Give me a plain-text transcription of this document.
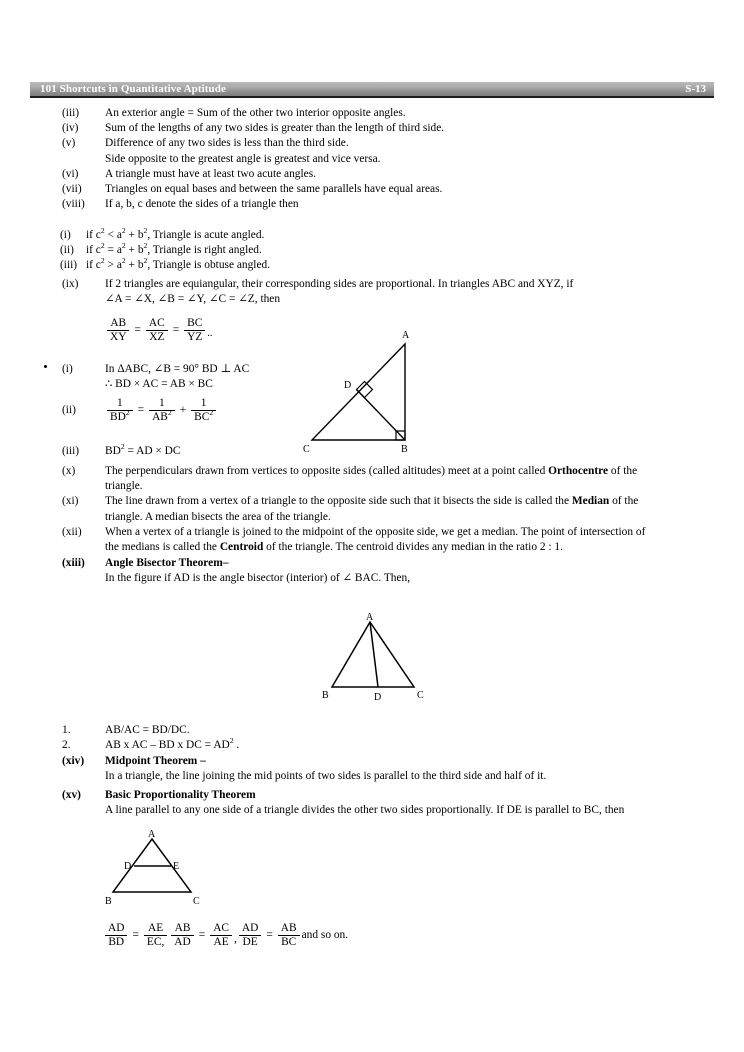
101 Shortcuts in Quantitative Aptitude	S-13
(iii)	An exterior angle = Sum of the other two interior opposite angles.
(iv)	Sum of the lengths of any two sides is greater than the length of third side.
(v)	Difference of any two sides is less than the third side.
Side opposite to the greatest angle is greatest and vice versa.
(vi)	A triangle must have at least two acute angles.
(vii)	Triangles on equal bases and between the same parallels have equal areas.
(viii)	If a, b, c denote the sides of a triangle then
(i)	if $c^2 < a^2 + b^2$, Triangle is acute angled.
(ii)	if $c^2 = a^2 + b^2$, Triangle is right angled.
(iii) if $c^2 > a^2 + b^2$, Triangle is obtuse angled.
(ix)	If 2 triangles are equiangular, their corresponding sides are proportional. In triangles ABC and XYZ, if
∠A = ∠X, ∠B = ∠Y, ∠C = ∠Z, then
$\frac{AB}{XY} = \frac{AC}{XZ} = \frac{BC}{YZ}$ ..
(i)	In ΔABC, ∠B = 90° BD ⊥ AC
∴ BD × AC = AB × BC
(ii)	$\frac{1}{BD^2} = \frac{1}{AB^2} + \frac{1}{BC^2}$
(iii)	$BD^2$ = AD × DC
A
B
C
D
(x)	The perpendiculars drawn from vertices to opposite sides (called altitudes) meet at a point called Orthocentre of the
triangle.
(xi)	The line drawn from a vertex of a triangle to the opposite side such that it bisects the side is called the Median of the
triangle. A median bisects the area of the triangle.
(xii)	When a vertex of a triangle is joined to the midpoint of the opposite side, we get a median. The point of intersection of
the medians is called the Centroid of the triangle. The centroid divides any median in the ratio 2 : 1.
(xiii)	Angle Bisector Theorem–
In the figure if AD is the angle bisector (interior) of ∠ BAC. Then,
A
B	C
D
1.	AB/AC = BD/DC.
2.	AB x AC – BD x DC = $AD^2$ .
(xiv)	Midpoint Theorem –
In a triangle, the line joining the mid points of two sides is parallel to the third side and half of it.
(xv)	Basic Proportionality Theorem
A line parallel to any one side of a triangle divides the other two sides proportionally. If DE is parallel to BC, then
A
B	C
D	E
$\frac{AD}{BD} = \frac{AE}{EC,} \frac{AB}{AD} = \frac{AC}{AE}$ , $\frac{AD}{DE} = \frac{AB}{BC}$ and so on.
